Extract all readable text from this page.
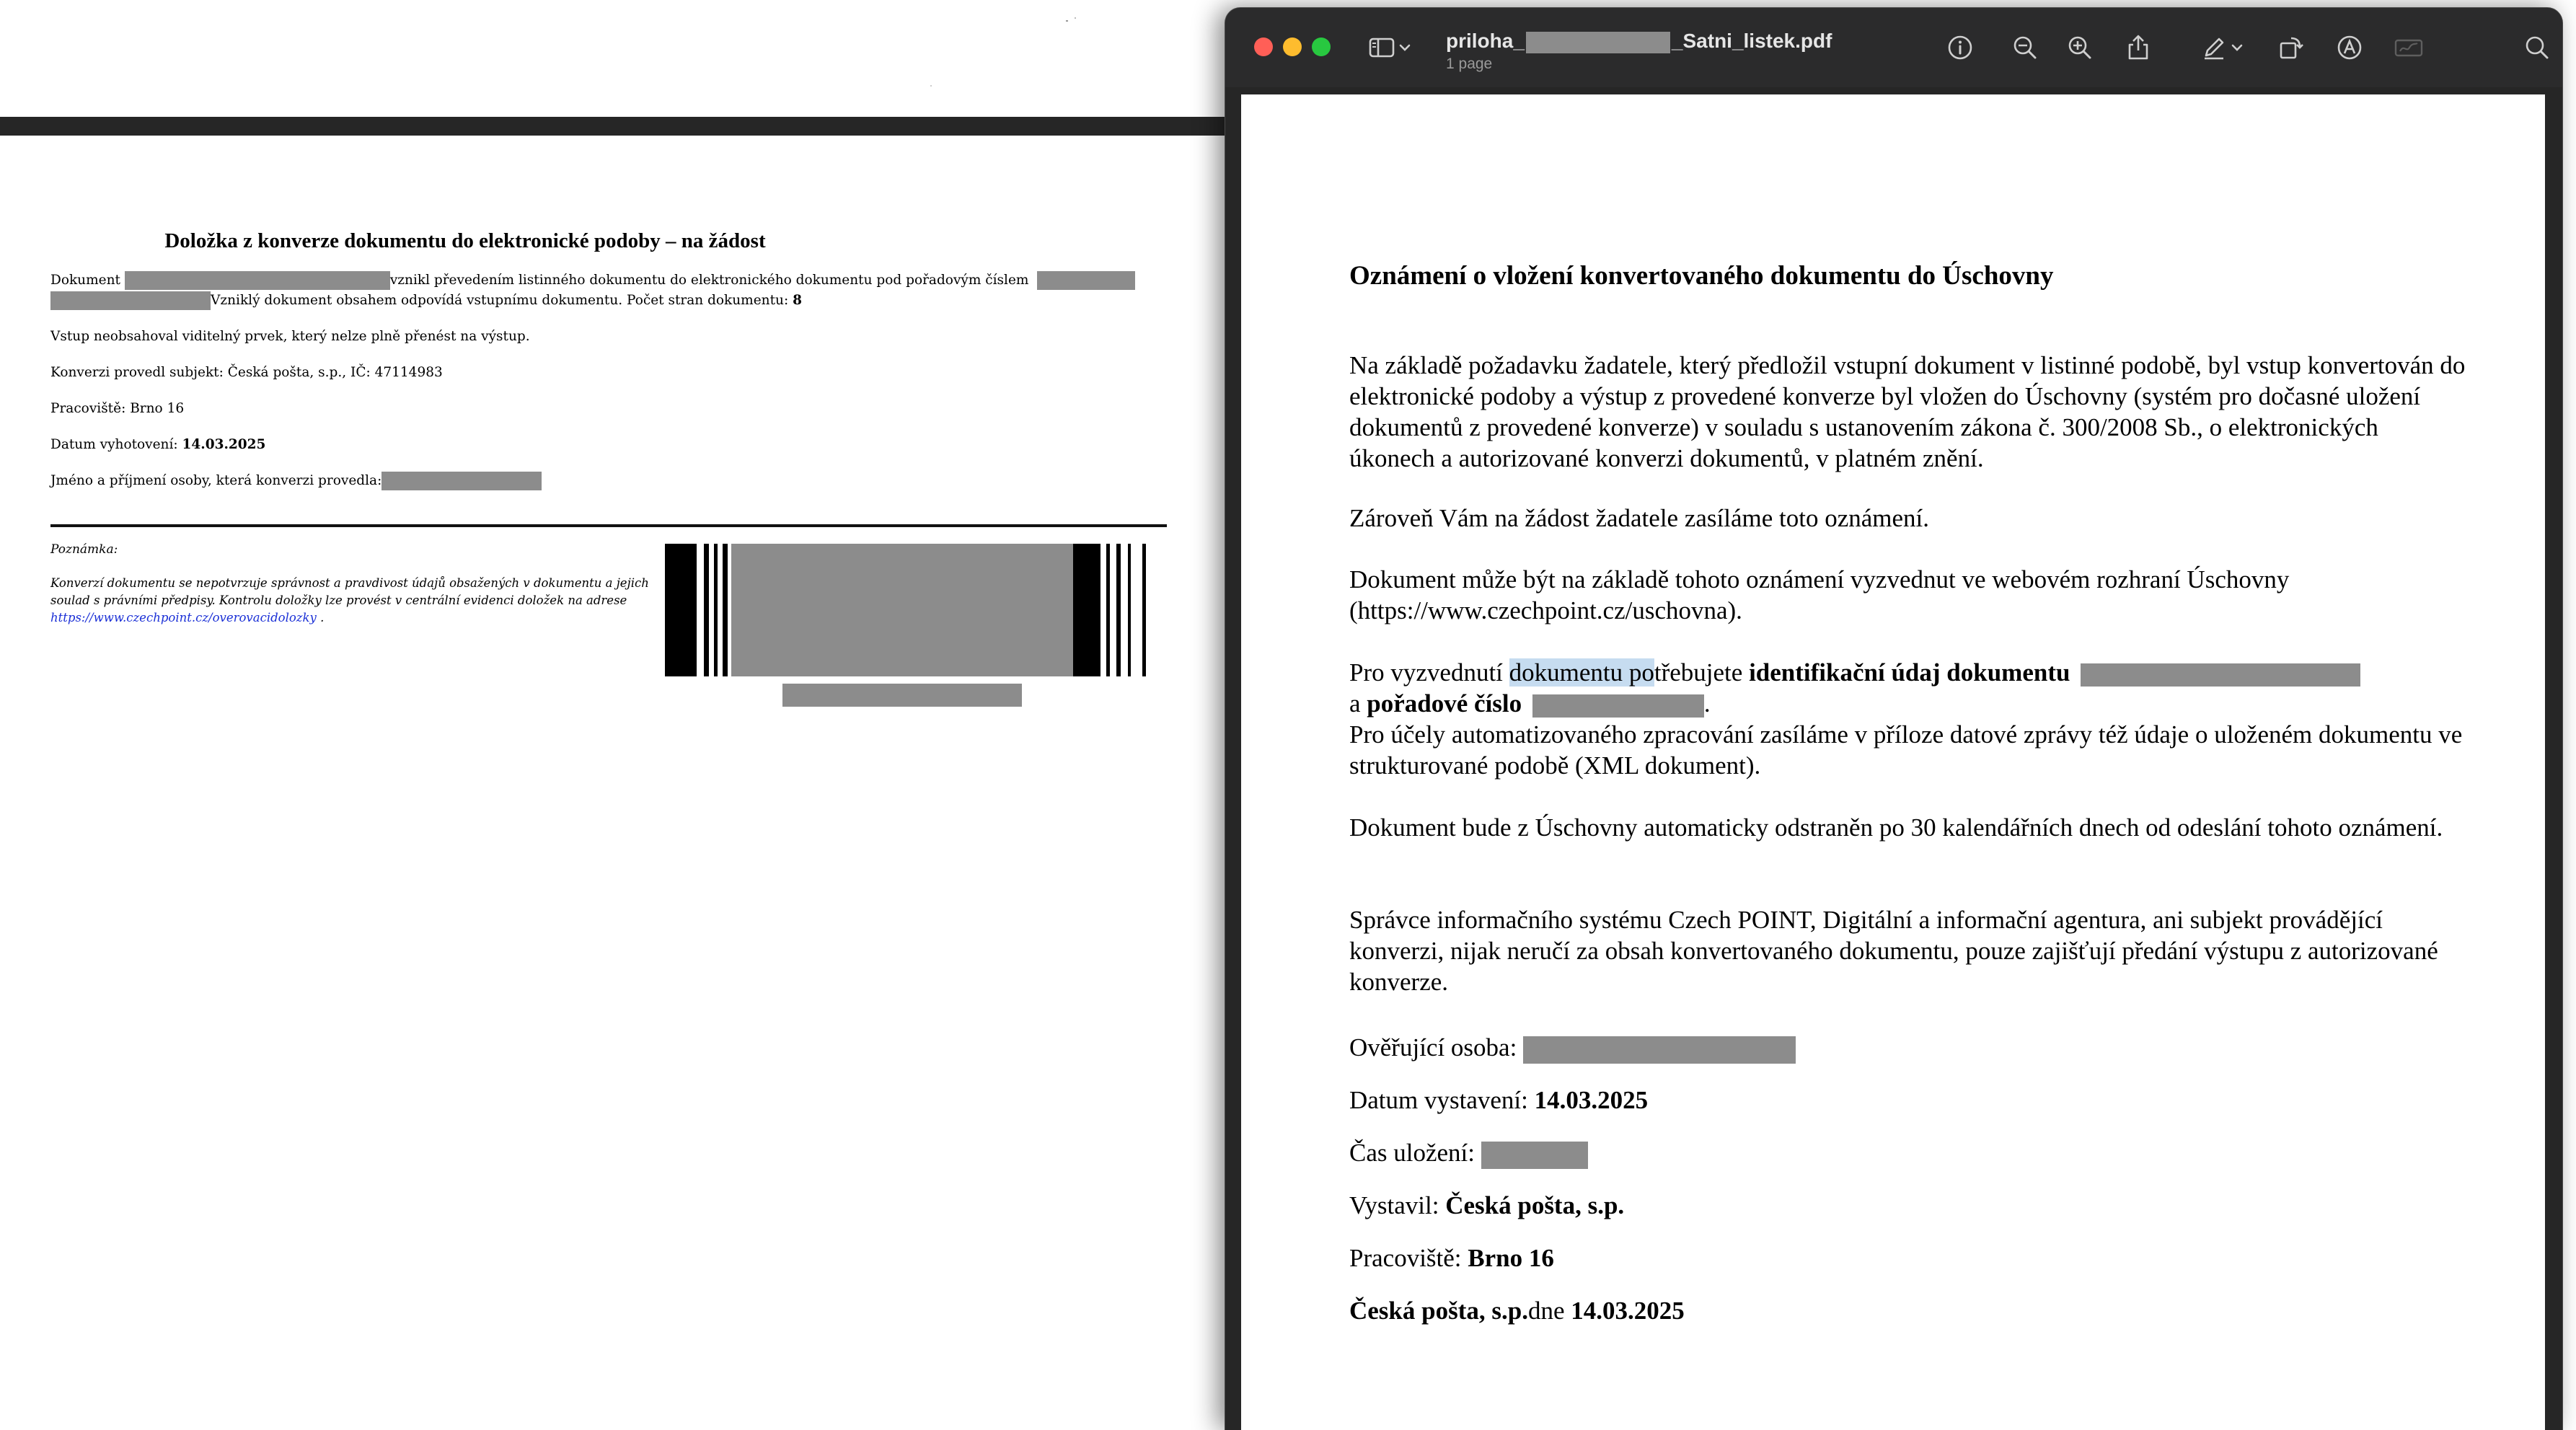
Doložka z konverze dokumentu do elektronické podoby – na žádost
Dokument	vznikl převedením listinného dokumentu do elektronického dokumentu pod pořadovým číslem
Vzniklý dokument obsahem odpovídá vstupnímu dokumentu. Počet stran dokumentu: 8
Vstup neobsahoval viditelný prvek, který nelze plně přenést na výstup.
Konverzi provedl subjekt: Česká pošta, s.p., IČ: 47114983
Pracoviště: Brno 16
Datum vyhotovení: 14.03.2025
Jméno a příjmení osoby, která konverzi provedla:
Poznámka:
Konverzí dokumentu se nepotvrzuje správnost a pravdivost údajů obsažených v dokumentu a jejich soulad s právními předpisy. Kontrolu doložky lze provést v centrální evidenci doložek na adrese https://www.czechpoint.cz/overovacidolozky .
priloha_	_Satni_listek.pdf
1 page
Oznámení o vložení konvertovaného dokumentu do Úschovny
Na základě požadavku žadatele, který předložil vstupní dokument v listinné podobě, byl vstup konvertován do elektronické podoby a výstup z provedené konverze byl vložen do Úschovny (systém pro dočasné uložení dokumentů z provedené konverze) v souladu s ustanovením zákona č. 300/2008 Sb., o elektronických úkonech a autorizované konverzi dokumentů, v platném znění.
Zároveň Vám na žádost žadatele zasíláme toto oznámení.
Dokument může být na základě tohoto oznámení vyzvednut ve webovém rozhraní Úschovny (https://www.czechpoint.cz/uschovna).
Pro vyzvednutí dokumentu potřebujete identifikační údaj dokumentu
a pořadové číslo	.
Pro účely automatizovaného zpracování zasíláme v příloze datové zprávy též údaje o uloženém dokumentu ve strukturované podobě (XML dokument).
Dokument bude z Úschovny automaticky odstraněn po 30 kalendářních dnech od odeslání tohoto oznámení.
Správce informačního systému Czech POINT, Digitální a informační agentura, ani subjekt provádějící konverzi, nijak neručí za obsah konvertovaného dokumentu, pouze zajišťují předání výstupu z autorizované konverze.
Ověřující osoba:
Datum vystavení: 14.03.2025
Čas uložení:
Vystavil: Česká pošta, s.p.
Pracoviště: Brno 16
Česká pošta, s.p.dne 14.03.2025
